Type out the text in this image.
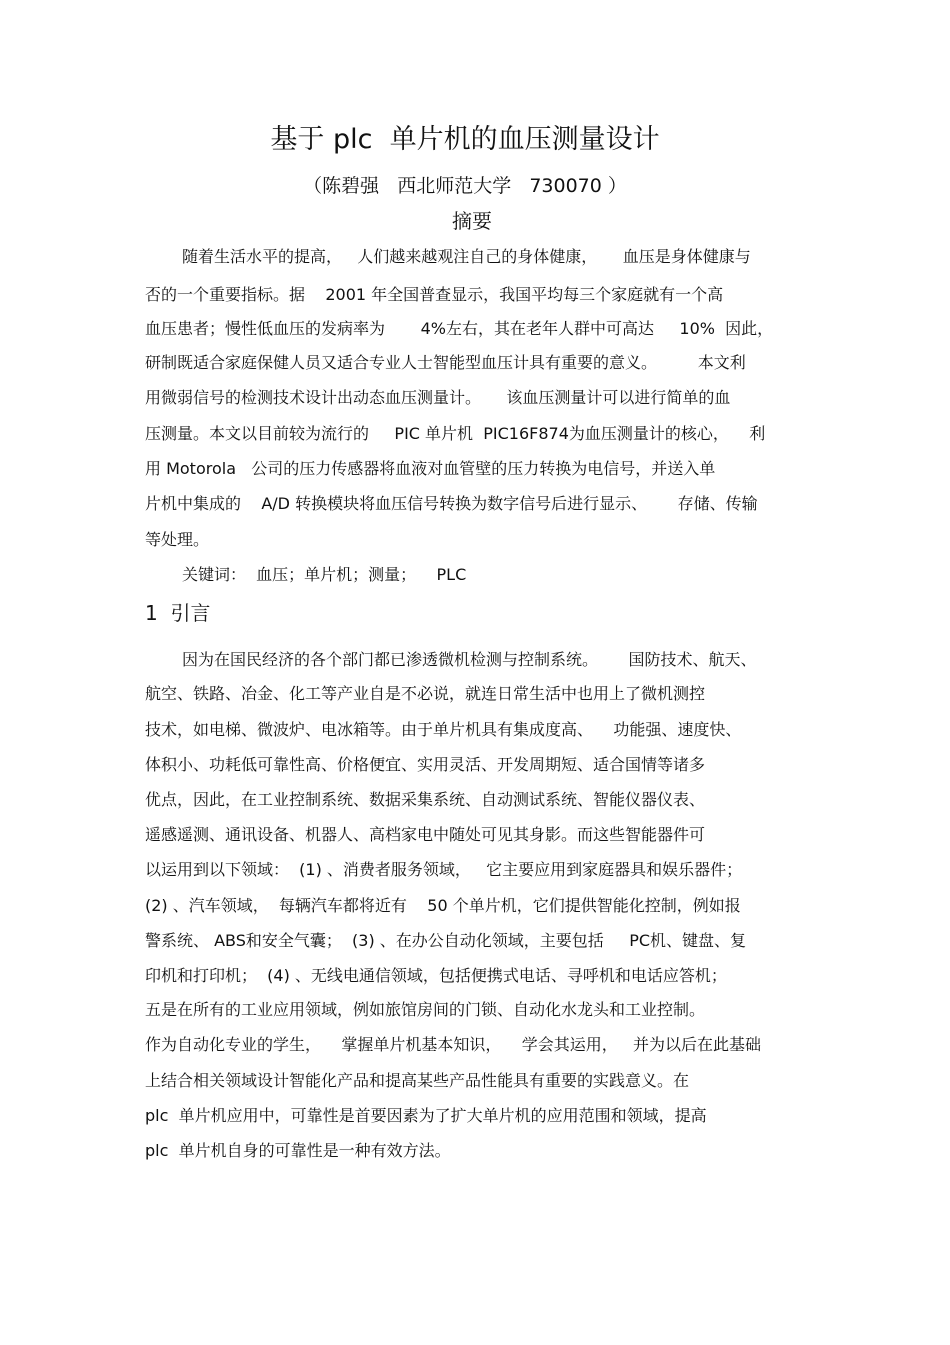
基于 plc  单片机的血压测量设计
（陈碧强   西北师范大学   730070 ）
摘要
随着生活水平的提高，   人们越来越观注自己的身体健康，     血压是身体健康与
否的一个重要指标。据    2001 年全国普查显示，我国平均每三个家庭就有一个高
血压患者；慢性低血压的发病率为       4%左右，其在老年人群中可高达     10%  因此，
研制既适合家庭保健人员又适合专业人士智能型血压计具有重要的意义。        本文利
用微弱信号的检测技术设计出动态血压测量计。     该血压测量计可以进行简单的血
压测量。本文以目前较为流行的     PIC 单片机  PIC16F874为血压测量计的核心，    利
用 Motorola   公司的压力传感器将血液对血管壁的压力转换为电信号，并送入单
片机中集成的    A/D 转换模块将血压信号转换为数字信号后进行显示、      存储、传输
等处理。
关键词：  血压；单片机；测量；    PLC
1  引言
因为在国民经济的各个部门都已渗透微机检测与控制系统。      国防技术、航天、
航空、铁路、冶金、化工等产业自是不必说，就连日常生活中也用上了微机测控
技术，如电梯、微波炉、电冰箱等。由于单片机具有集成度高、    功能强、速度快、
体积小、功耗低可靠性高、价格便宜、实用灵活、开发周期短、适合国情等诸多
优点，因此，在工业控制系统、数据采集系统、自动测试系统、智能仪器仪表、
遥感遥测、通讯设备、机器人、高档家电中随处可见其身影。而这些智能器件可
以运用到以下领域：  (1) 、消费者服务领域，   它主要应用到家庭器具和娱乐器件；
(2) 、汽车领域，  每辆汽车都将近有    50 个单片机，它们提供智能化控制，例如报
警系统、 ABS和安全气囊；  (3) 、在办公自动化领域，主要包括     PC机、键盘、复
印机和打印机；  (4) 、无线电通信领域，包括便携式电话、寻呼机和电话应答机；
五是在所有的工业应用领域，例如旅馆房间的门锁、自动化水龙头和工业控制。
作为自动化专业的学生，    掌握单片机基本知识，    学会其运用，   并为以后在此基础
上结合相关领域设计智能化产品和提高某些产品性能具有重要的实践意义。在
plc  单片机应用中，可靠性是首要因素为了扩大单片机的应用范围和领域，提高
plc  单片机自身的可靠性是一种有效方法。
